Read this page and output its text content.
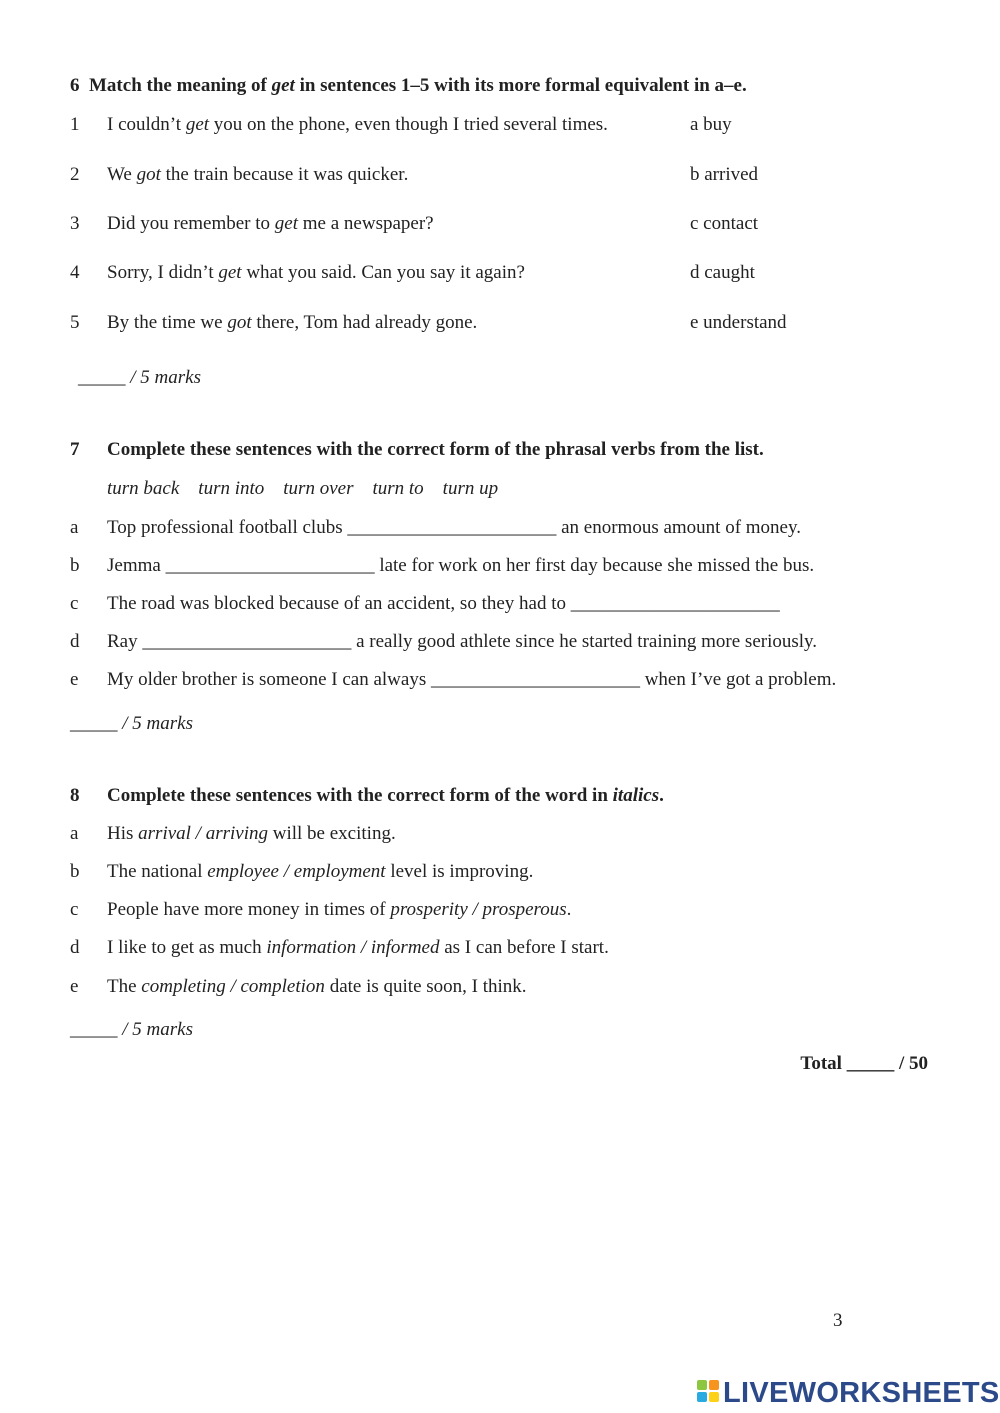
6 Match the meaning of get in sentences 1–5 with its more formal equivalent in a–e.
1 I couldn’t get you on the phone, even though I tried several times.	a buy
2 We got the train because it was quicker.	b arrived
3 Did you remember to get me a newspaper?	c contact
4 Sorry, I didn’t get what you said. Can you say it again?	d caught
5 By the time we got there, Tom had already gone.	e understand
_____ / 5 marks
7 Complete these sentences with the correct form of the phrasal verbs from the list.
turn back turn into turn over turn to turn up
a Top professional football clubs ______________________ an enormous amount of money.
b Jemma ______________________ late for work on her first day because she missed the bus.
c The road was blocked because of an accident, so they had to ______________________
d Ray ______________________ a really good athlete since he started training more seriously.
e My older brother is someone I can always ______________________ when I’ve got a problem.
_____ / 5 marks
8 Complete these sentences with the correct form of the word in italics.
a His arrival / arriving will be exciting.
b The national employee / employment level is improving.
c People have more money in times of prosperity / prosperous.
d I like to get as much information / informed as I can before I start.
e The completing / completion date is quite soon, I think.
_____ / 5 marks
Total _____ / 50
3
LIVEWORKSHEETS
